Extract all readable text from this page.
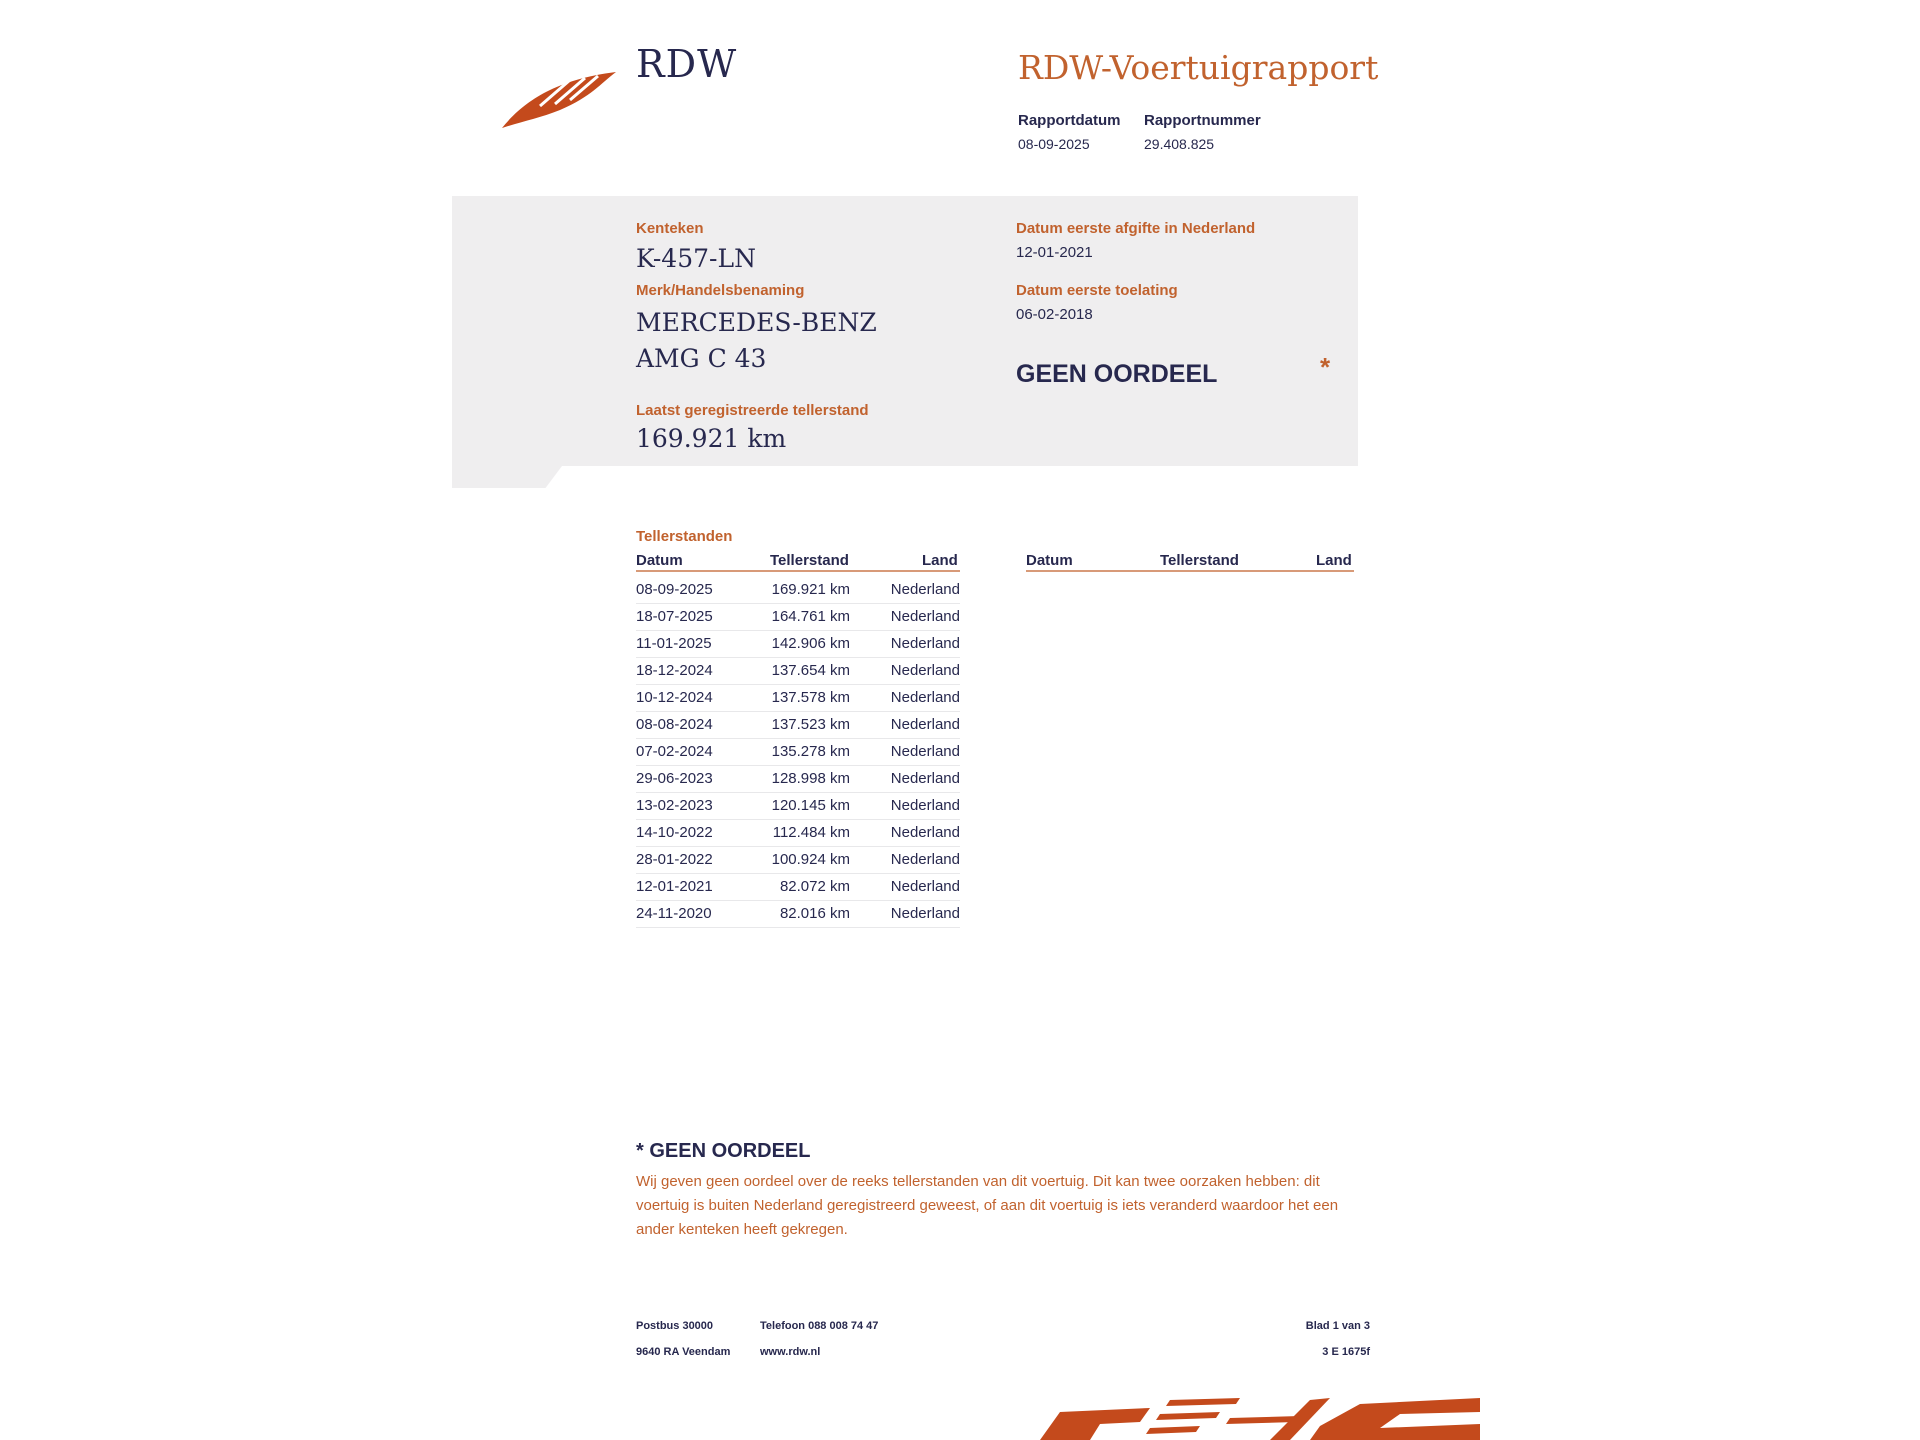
RDW	RDW-Voertuigrapport
Rapportdatum
08-09-2025
Rapportnummer
29.408.825
Kenteken
K-457-LN
Merk/Handelsbenaming
MERCEDES-BENZ
AMG C 43
Laatst geregistreerde tellerstand
169.921 km
Datum eerste afgifte in Nederland
12-01-2021
Datum eerste toelating
06-02-2018
GEEN OORDEEL	*
Tellerstanden
Datum	Tellerstand	Land	Datum	Tellerstand	Land
08-09-2025	169.921 km	Nederland
18-07-2025	164.761 km	Nederland
11-01-2025	142.906 km	Nederland
18-12-2024	137.654 km	Nederland
10-12-2024	137.578 km	Nederland
08-08-2024	137.523 km	Nederland
07-02-2024	135.278 km	Nederland
29-06-2023	128.998 km	Nederland
13-02-2023	120.145 km	Nederland
14-10-2022	112.484 km	Nederland
28-01-2022	100.924 km	Nederland
12-01-2021	82.072 km	Nederland
24-11-2020	82.016 km	Nederland
* GEEN OORDEEL
Wij geven geen oordeel over de reeks tellerstanden van dit voertuig. Dit kan twee oorzaken hebben: dit voertuig is buiten Nederland geregistreerd geweest, of aan dit voertuig is iets veranderd waardoor het een ander kenteken heeft gekregen.
Postbus 30000
9640 RA Veendam
Telefoon 088 008 74 47
www.rdw.nl
Blad 1 van 3
3 E 1675f
